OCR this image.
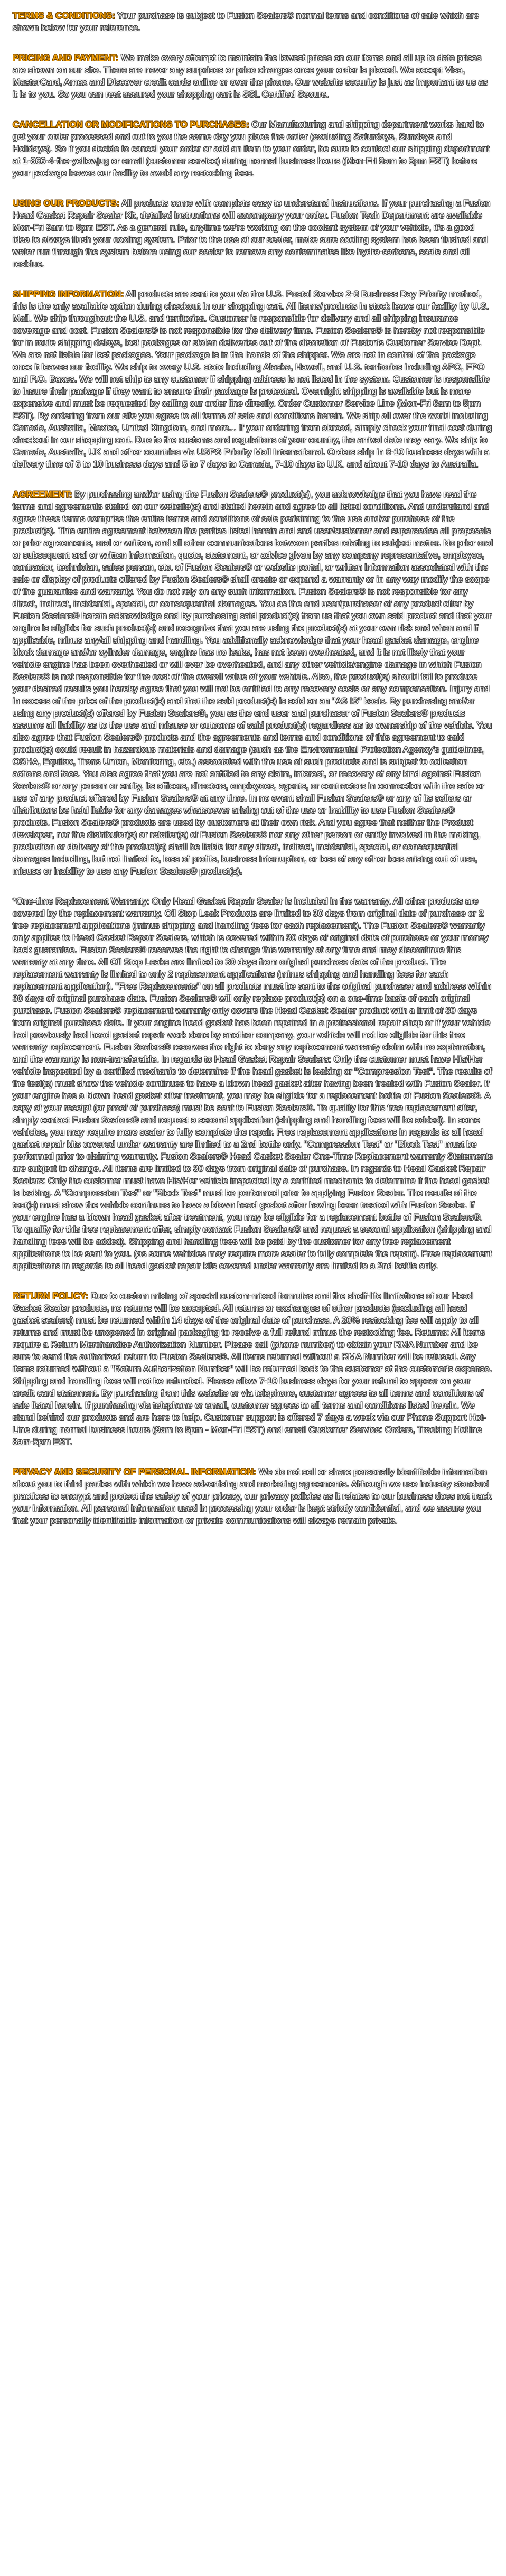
TERMS & CONDITIONS: Your purchase is subject to Fusion Sealers® normal terms and conditions of sale which are shown below for your reference.

PRICING AND PAYMENT: We make every attempt to maintain the lowest prices on our items and all up to date prices are shown on our site. There are never any surprises or price changes once your order is placed. We accept Visa, MasterCard, Amex and Discover credit cards online or over the phone. Our website security is just as important to us as it is to you. So you can rest assured your shopping cart is SSL Certified Secure.

CANCELLATION OR MODIFICATIONS TO PURCHASES: Our Manufacturing and shipping department works hard to get your order processed and out to you the same day you place the order (excluding Saturdays, Sundays and Holidays). So if you decide to cancel your order or add an item to your order, be sure to contact our shipping department at 1-866-4-the-yellowjug or email (customer service) during normal business hours (Mon-Fri 8am to 5pm EST) before your package leaves our facility to avoid any restocking fees.

USING OUR PRODUCTS: All products come with complete easy to understand instructions. If your purchasing a Fusion Head Gasket Repair Sealer Kit, detailed instructions will accompany your order. Fusion Tech Department are available Mon-Fri 9am to 5pm EST. As a general rule, anytime we're working on the coolant system of your vehicle, it's a good idea to always flush your cooling system. Prior to the use of our sealer, make sure cooling system has been flushed and water run through the system before using our sealer to remove any contaminates like hydro-carbons, scale and oil residue.

SHIPPING INFORMATION: All products are sent to you via the U.S. Postal Service 2-3 Business Day Priority method, this is the only available option during checkout in our shopping cart. All items/products in stock leave our facility by U.S. Mail. We ship throughout the U.S. and territories. Customer is responsible for delivery and all shipping insurance coverage and cost. Fusion Sealers® is not responsible for the delivery time. Fusion Sealers® is hereby not responsible for in route shipping delays, lost packages or stolen deliveries out of the discretion of Fusion's Customer Service Dept. We are not liable for lost packages. Your package is in the hands of the shipper. We are not in control of the package once it leaves our facility. We ship to every U.S. state including Alaska, Hawaii, and U.S. territories including APO, FPO and P.O. Boxes. We will not ship to any customer if shipping address is not listed in the system. Customer is responsible to insure their package if they want to ensure their package is protected. Overnight shipping is available but is more expensive and must be requested by calling our order line directly. Order Customer Service Line (Mon-Fri 8am to 5pm EST). By ordering from our site you agree to all terms of sale and conditions herein. We ship all over the world including Canada, Australia, Mexico, United Kingdom, and more... If your ordering from abroad, simply check your final cost during checkout in our shopping cart. Due to the customs and regulations of your country, the arrival date may vary. We ship to Canada, Australia, UK and other countries via USPS Priority Mail International. Orders ship in 6-10 business days with a delivery time of 6 to 10 business days and 5 to 7 days to Canada, 7-10 days to U.K. and about 7-10 days to Australia.

AGREEMENT: By purchasing and/or using the Fusion Sealers® product(s), you acknowledge that you have read the terms and agreements stated on our website(s) and stated herein and agree to all listed conditions. And understand and agree these terms comprise the entire terms and conditions of sale pertaining to the use and/or purchase of the product(s). This entire agreement between the parties listed herein and end user/customer and supersedes all proposals or prior agreements, oral or written, and all other communications between parties relating to subject matter. No prior oral or subsequent oral or written information, quote, statement, or advice given by any company representative, employee, contractor, technician, sales person, etc. of Fusion Sealers® or website portal, or written information associated with the sale or display of products offered by Fusion Sealers® shall create or expand a warranty or in any way modify the scope of the guarantee and warranty. You do not rely on any such information. Fusion Sealers® is not responsible for any direct, indirect, incidental, special, or consequential damages. You as the end user/purchaser of any product offer by Fusion Sealers® herein acknowledge and by purchasing said product(s) from us that you own said product and that your engine is eligible for such product(s) and recognize that you are using the product(s) at your own risk and when and if applicable, minus any/all shipping and handling. You additionally acknowledge that your head gasket damage, engine block damage and/or cylinder damage, engine has no leaks, has not been overheated, and it is not likely that your vehicle engine has been overheated or will ever be overheated, and any other vehicle/engine damage in which Fusion Sealers® is not responsible for the cost of the overall value of your vehicle. Also, the product(s) should fail to produce your desired results you hereby agree that you will not be entitled to any recovery costs or any compensation. Injury and in excess of the price of the product(s) and that the said product(s) is sold on an "AS IS" basis. By purchasing and/or using any product(s) offered by Fusion Sealers®, you as the end user and purchaser of Fusion Sealers® products assume all liability as to the use and misuse or outcome of said product(s) regardless as to ownership of the vehicle. You also agree that Fusion Sealers® products and the agreements and terms and conditions of this agreement to said product(s) could result in hazardous materials and damage (such as the Environmental Protection Agency's guidelines, OSHA, Equifax, Trans Union, Monitoring, etc.) associated with the use of such products and is subject to collection actions and fees. You also agree that you are not entitled to any claim, interest, or recovery of any kind against Fusion Sealers® or any person or entity, its officers, directors, employees, agents, or contractors in connection with the sale or use of any product offered by Fusion Sealers® at any time. In no event shall Fusion Sealers® or any of its sellers or distributors be held liable for any damages whatsoever arising out of the use or inability to use Fusion Sealers® products. Fusion Sealers® products are used by customers at their own risk. And you agree that neither the Product developer, nor the distributor(s) or retailer(s) of Fusion Sealers® nor any other person or entity involved in the making, production or delivery of the product(s) shall be liable for any direct, indirect, incidental, special, or consequential damages including, but not limited to, loss of profits, business interruption, or loss of any other loss arising out of use, misuse or inability to use any Fusion Sealers® product(s).

*One-time Replacement Warranty: Only Head Gasket Repair Sealer is included in the warranty. All other products are covered by the replacement warranty. Oil Stop Leak Products are limited to 30 days from original date of purchase or 2 free replacement applications (minus shipping and handling fees for each replacement). The Fusion Sealers® warranty only applies to Head Gasket Repair Sealers, which is covered within 30 days of original date of purchase or your money back guarantee. Fusion Sealers® reserves the right to change this warranty at any time and may discontinue this warranty at any time. All Oil Stop Leaks are limited to 30 days from original purchase date of the product. The replacement warranty is limited to only 2 replacement applications (minus shipping and handling fees for each replacement application). "Free Replacements" on all products must be sent to the original purchaser and address within 30 days of original purchase date. Fusion Sealers® will only replace product(s) on a one-time basis of each original purchase. Fusion Sealers® replacement warranty only covers the Head Gasket Sealer product with a limit of 30 days from original purchase date. If your engine head gasket has been repaired in a professional repair shop or if your vehicle had previously had head gasket repair work done by another company, your vehicle will not be eligible for this free warranty replacement. Fusion Sealers® reserves the right to deny any replacement warranty claim with no explanation, and the warranty is non-transferable. In regards to Head Gasket Repair Sealers: Only the customer must have His/Her vehicle inspected by a certified mechanic to determine if the head gasket is leaking or "Compression Test". The results of the test(s) must show the vehicle continues to have a blown head gasket after having been treated with Fusion Sealer. If your engine has a blown head gasket after treatment, you may be eligible for a replacement bottle of Fusion Sealers®. A copy of your receipt (or proof of purchase) must be sent to Fusion Sealers®. To qualify for this free replacement offer, simply contact Fusion Sealers® and request a second application (shipping and handling fees will be added). In some vehicles, you may require more sealer to fully complete the repair. Free replacement applications in regards to all head gasket repair kits covered under warranty are limited to a 2nd bottle only. "Compression Test" or "Block Test" must be performed prior to claiming warranty. Fusion Sealers® Head Gasket Sealer One-Time Replacement warranty Statements are subject to change. All items are limited to 30 days from original date of purchase. In regards to Head Gasket Repair Sealers: Only the customer must have His/Her vehicle inspected by a certified mechanic to determine if the head gasket is leaking. A "Compression Test" or "Block Test" must be performed prior to applying Fusion Sealer. The results of the test(s) must show the vehicle continues to have a blown head gasket after having been treated with Fusion Sealer. If your engine has a blown head gasket after treatment, you may be eligible for a replacement bottle of Fusion Sealers®. To qualify for this free replacement offer, simply contact Fusion Sealers® and request a second application (shipping and handling fees will be added). Shipping and handling fees will be paid by the customer for any free replacement applications to be sent to you. (as some vehicles may require more sealer to fully complete the repair). Free replacement applications in regards to all head gasket repair kits covered under warranty are limited to a 2nd bottle only.

RETURN POLICY: Due to custom mixing of special custom-mixed formulas and the shelf-life limitations of our Head Gasket Sealer products, no returns will be accepted. All returns or exchanges of other products (excluding all head gasket sealers) must be returned within 14 days of the original date of purchase. A 20% restocking fee will apply to all returns and must be unopened in original packaging to receive a full refund minus the restocking fee. Returns: All items require a Return Merchandise Authorization Number. Please call (phone number) to obtain your RMA Number and be sure to send the authorized return to Fusion Sealers®. All items returned without a RMA Number will be refused. Any items returned without a "Return Authorization Number" will be returned back to the customer at the customer's expense. Shipping and handling fees will not be refunded. Please allow 7-10 business days for your refund to appear on your credit card statement. By purchasing from this website or via telephone, customer agrees to all terms and conditions of sale listed herein. If purchasing via telephone or email, customer agrees to all terms and conditions listed herein. We stand behind our products and are here to help. Customer support is offered 7 days a week via our Phone Support Hot-Line during normal business hours (9am to 5pm - Mon-Fri EST) and email Customer Service: Orders, Tracking Hotline 8am-5pm EST.

PRIVACY AND SECURITY OF PERSONAL INFORMATION: We do not sell or share personally identifiable information about you to third parties with which we have advertising and marketing agreements. Although we use industry standard practices to encrypt and protect the safety of your privacy, our privacy policies as it relates to our business does not track your information. All personal information used in processing your order is kept strictly confidential, and we assure you that your personally identifiable information or private communications will always remain private.
